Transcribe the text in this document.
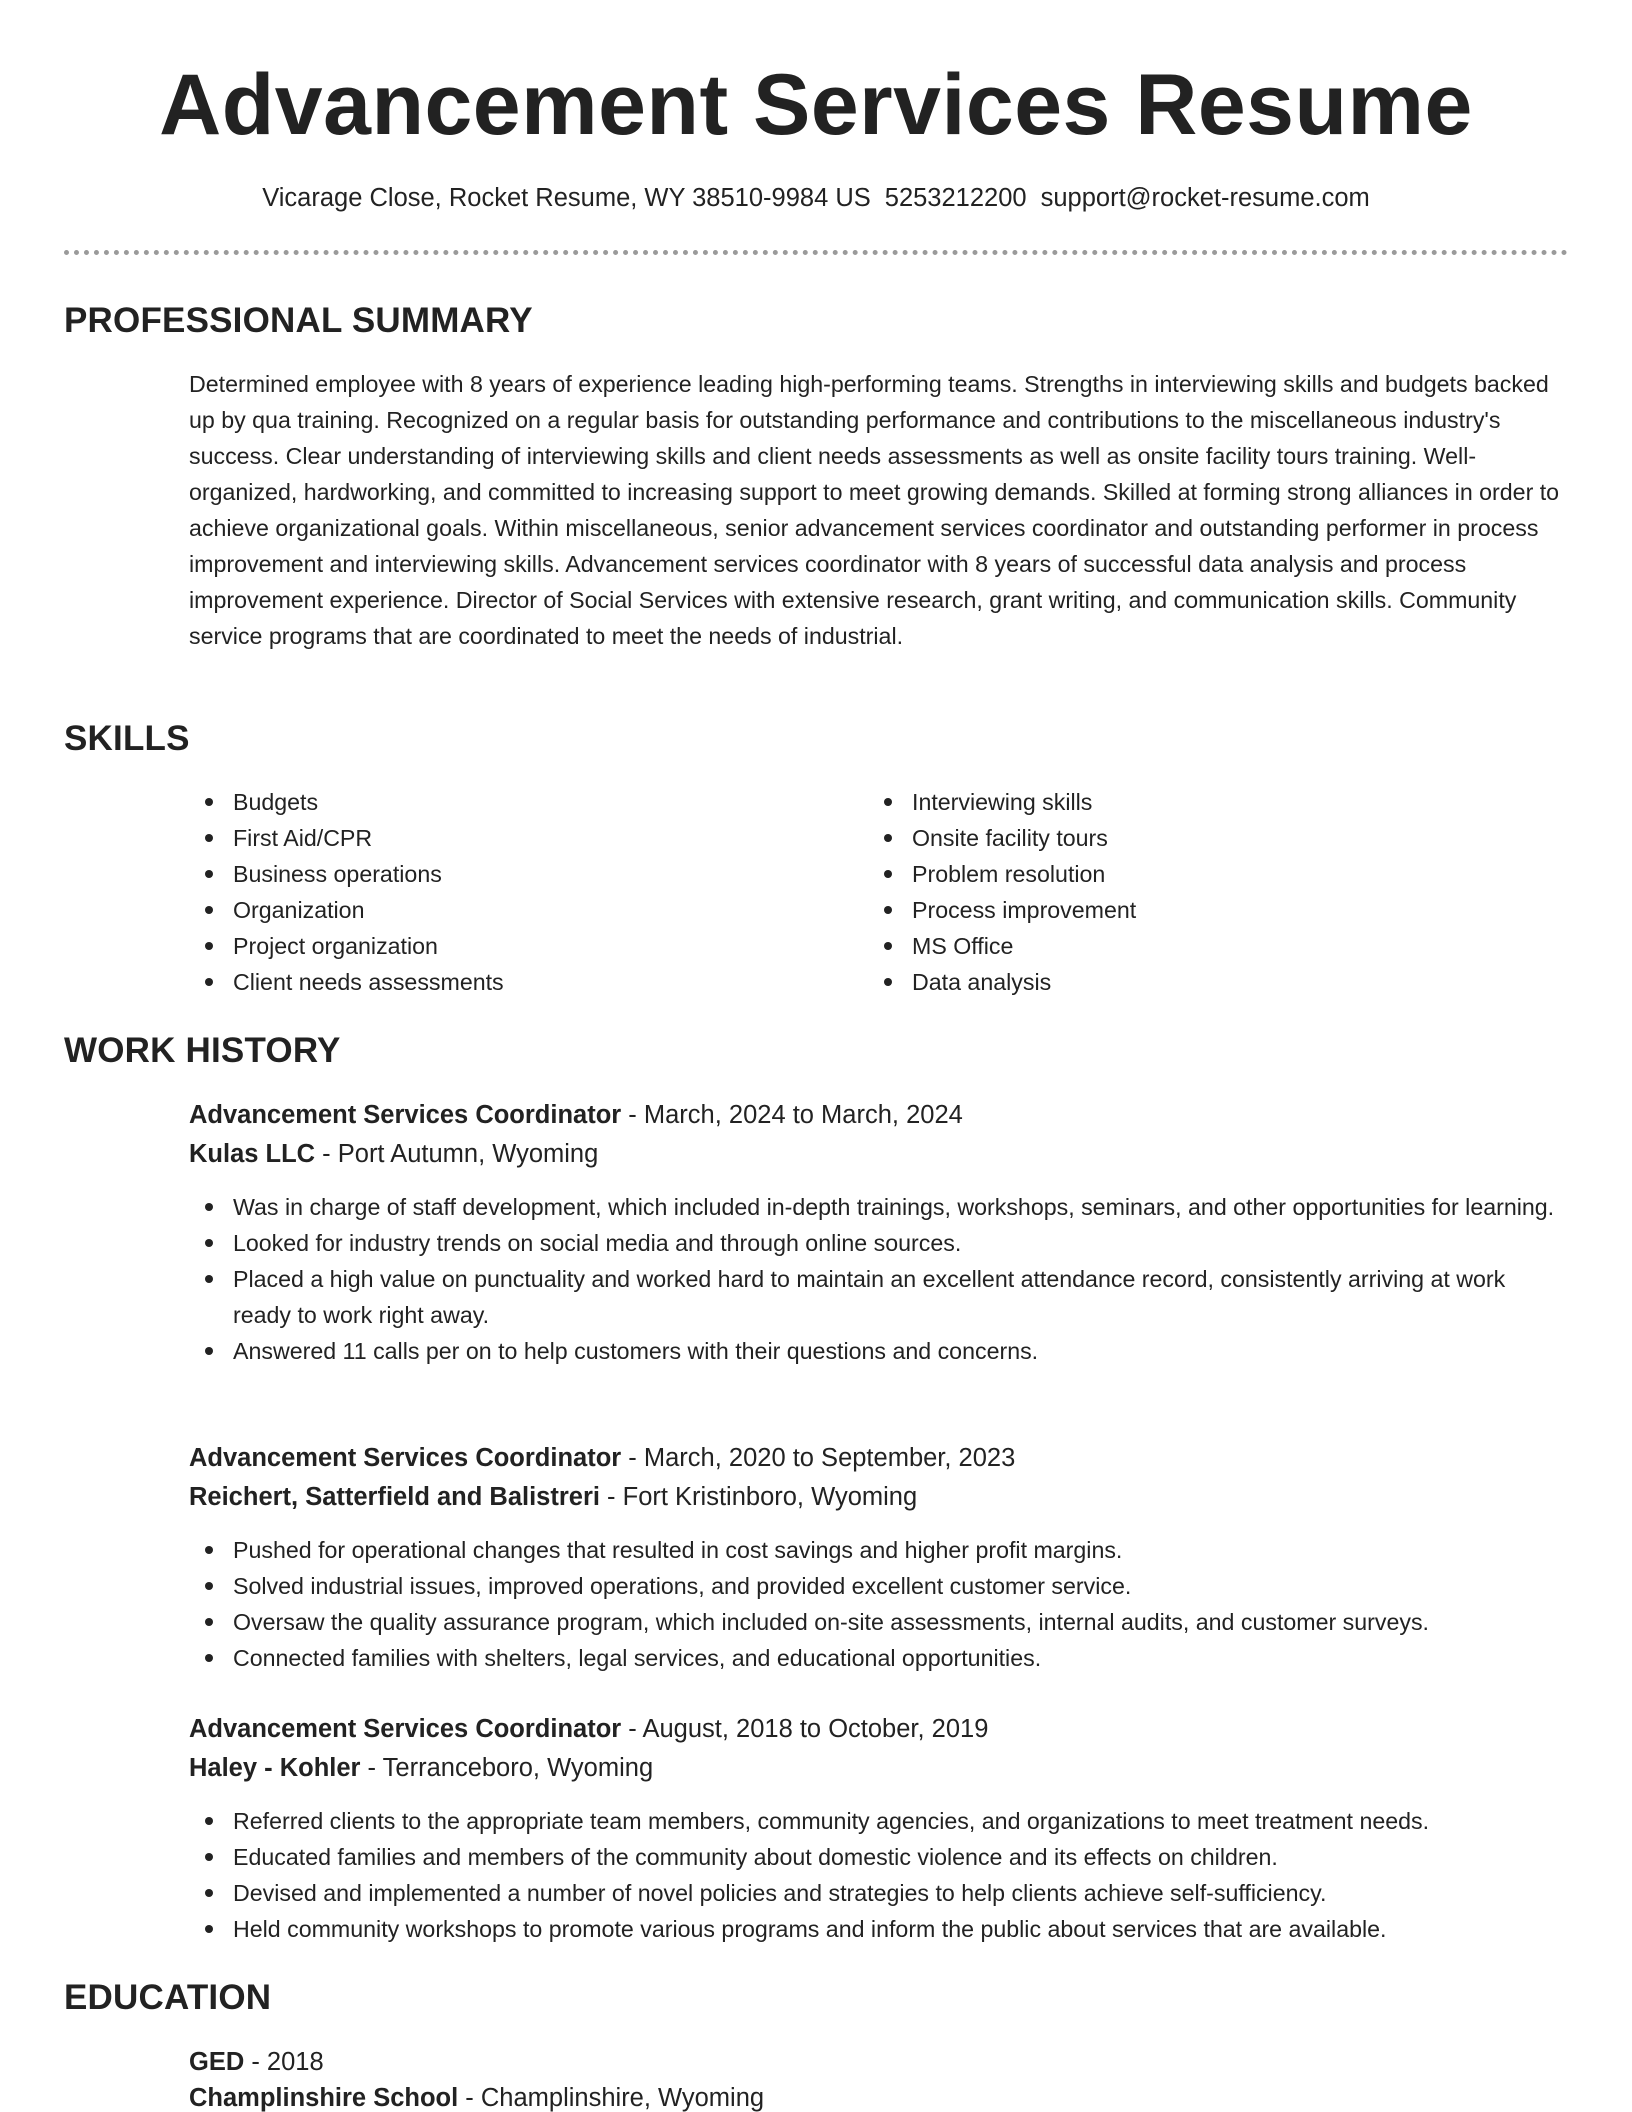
Advancement Services Resume
Vicarage Close, Rocket Resume, WY 38510-9984 US 5253212200 support@rocket-resume.com
PROFESSIONAL SUMMARY

Determined employee with 8 years of experience leading high-performing teams. Strengths in interviewing skills and budgets backed up by qua training. Recognized on a regular basis for outstanding performance and contributions to the miscellaneous industry's success. Clear understanding of interviewing skills and client needs assessments as well as onsite facility tours training. Well-organized, hardworking, and committed to increasing support to meet growing demands. Skilled at forming strong alliances in order to achieve organizational goals. Within miscellaneous, senior advancement services coordinator and outstanding performer in process improvement and interviewing skills. Advancement services coordinator with 8 years of successful data analysis and process improvement experience. Director of Social Services with extensive research, grant writing, and communication skills. Community service programs that are coordinated to meet the needs of industrial.

SKILLS
Budgets
First Aid/CPR
Business operations
Organization
Project organization
Client needs assessments
Interviewing skills
Onsite facility tours
Problem resolution
Process improvement
MS Office
Data analysis
WORK HISTORY
Advancement Services Coordinator - March, 2024 to March, 2024
Kulas LLC - Port Autumn, Wyoming
Was in charge of staff development, which included in-depth trainings, workshops, seminars, and other opportunities for learning.
Looked for industry trends on social media and through online sources.
Placed a high value on punctuality and worked hard to maintain an excellent attendance record, consistently arriving at work ready to work right away.
Answered 11 calls per on to help customers with their questions and concerns.
Advancement Services Coordinator - March, 2020 to September, 2023
Reichert, Satterfield and Balistreri - Fort Kristinboro, Wyoming
Pushed for operational changes that resulted in cost savings and higher profit margins.
Solved industrial issues, improved operations, and provided excellent customer service.
Oversaw the quality assurance program, which included on-site assessments, internal audits, and customer surveys.
Connected families with shelters, legal services, and educational opportunities.
Advancement Services Coordinator - August, 2018 to October, 2019
Haley - Kohler - Terranceboro, Wyoming
Referred clients to the appropriate team members, community agencies, and organizations to meet treatment needs.
Educated families and members of the community about domestic violence and its effects on children.
Devised and implemented a number of novel policies and strategies to help clients achieve self-sufficiency.
Held community workshops to promote various programs and inform the public about services that are available.
EDUCATION
GED - 2018
Champlinshire School - Champlinshire, Wyoming
